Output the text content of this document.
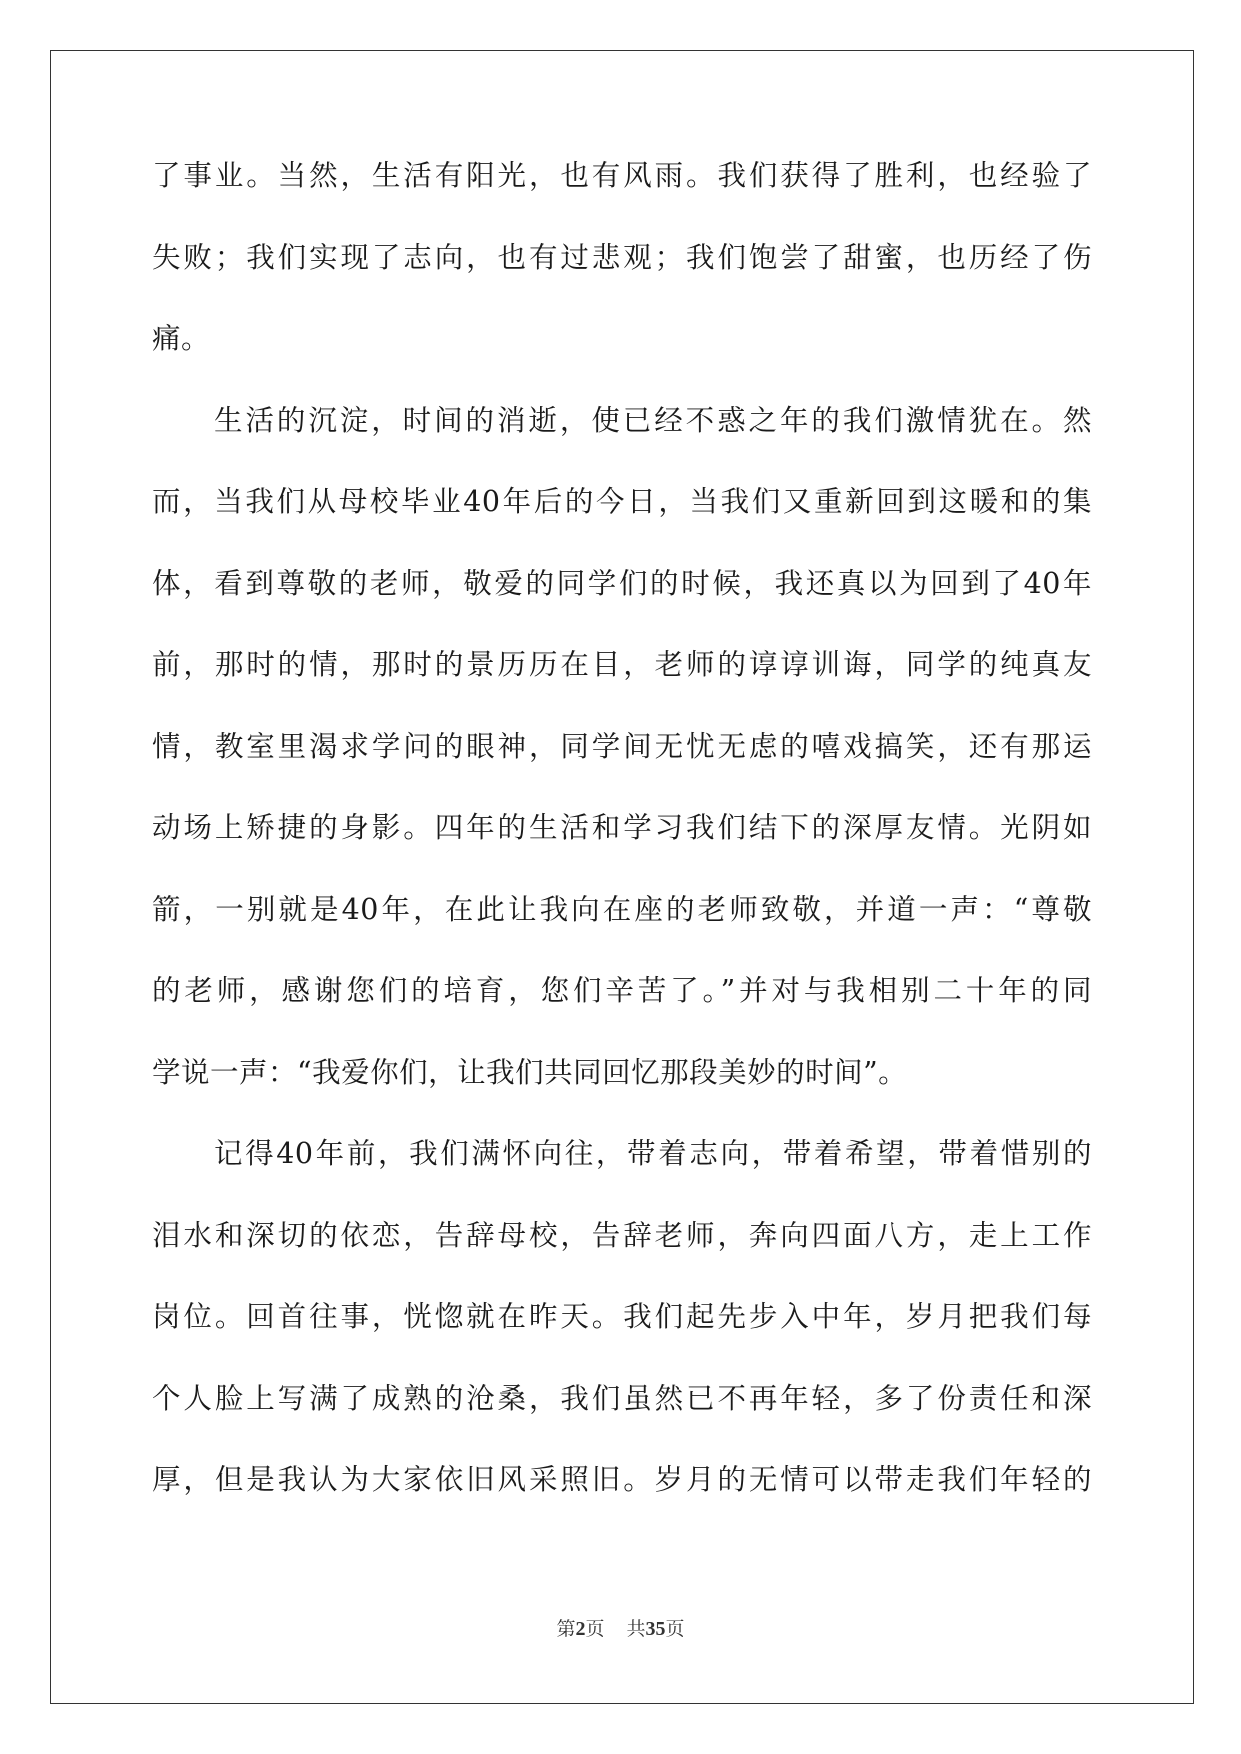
了事业。当然，生活有阳光，也有风雨。我们获得了胜利，也经验了
失败；我们实现了志向，也有过悲观；我们饱尝了甜蜜，也历经了伤
痛。
生活的沉淀，时间的消逝，使已经不惑之年的我们激情犹在。然
而，当我们从母校毕业40年后的今日，当我们又重新回到这暖和的集
体，看到尊敬的老师，敬爱的同学们的时候，我还真以为回到了40年
前，那时的情，那时的景历历在目，老师的谆谆训诲，同学的纯真友
情，教室里渴求学问的眼神，同学间无忧无虑的嘻戏搞笑，还有那运
动场上矫捷的身影。四年的生活和学习我们结下的深厚友情。光阴如
箭，一别就是40年，在此让我向在座的老师致敬，并道一声：“尊敬
的老师，感谢您们的培育，您们辛苦了。”并对与我相别二十年的同
学说一声：“我爱你们，让我们共同回忆那段美妙的时间”。
记得40年前，我们满怀向往，带着志向，带着希望，带着惜别的
泪水和深切的依恋，告辞母校，告辞老师，奔向四面八方，走上工作
岗位。回首往事，恍惚就在昨天。我们起先步入中年，岁月把我们每
个人脸上写满了成熟的沧桑，我们虽然已不再年轻，多了份责任和深
厚，但是我认为大家依旧风采照旧。岁月的无情可以带走我们年轻的
第2页 共35页
